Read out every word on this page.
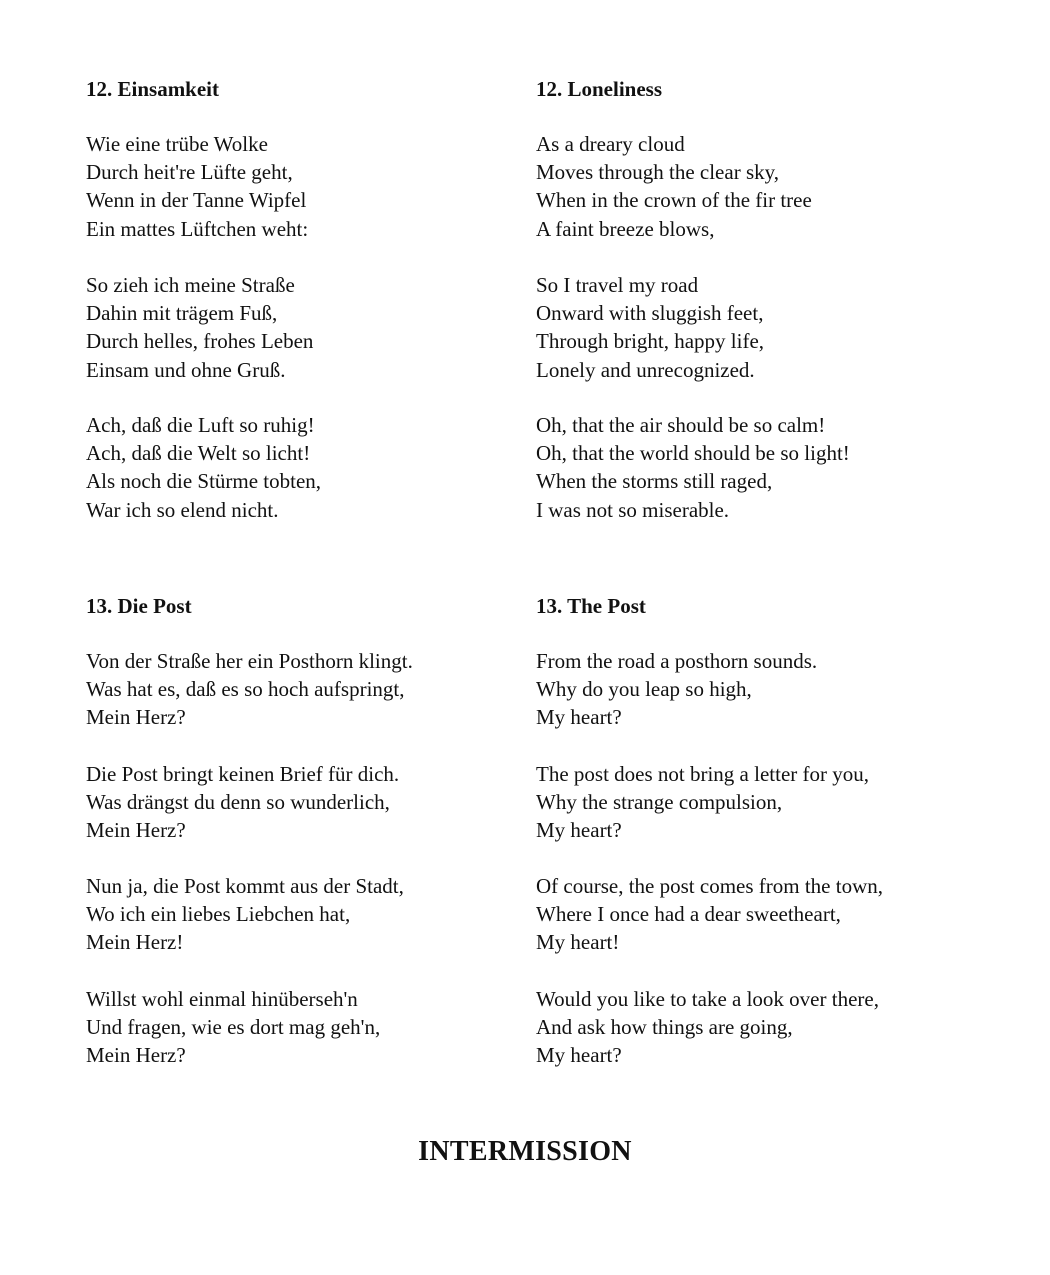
12. Einsamkeit
Wie eine trübe Wolke
Durch heit're Lüfte geht,
Wenn in der Tanne Wipfel
Ein mattes Lüftchen weht:
So zieh ich meine Straße
Dahin mit trägem Fuß,
Durch helles, frohes Leben
Einsam und ohne Gruß.
Ach, daß die Luft so ruhig!
Ach, daß die Welt so licht!
Als noch die Stürme tobten,
War ich so elend nicht.
12. Loneliness
As a dreary cloud
Moves through the clear sky,
When in the crown of the fir tree
A faint breeze blows,
So I travel my road
Onward with sluggish feet,
Through bright, happy life,
Lonely and unrecognized.
Oh, that the air should be so calm!
Oh, that the world should be so light!
When the storms still raged,
I was not so miserable.
13. Die Post
Von der Straße her ein Posthorn klingt.
Was hat es, daß es so hoch aufspringt,
Mein Herz?
Die Post bringt keinen Brief für dich.
Was drängst du denn so wunderlich,
Mein Herz?
Nun ja, die Post kommt aus der Stadt,
Wo ich ein liebes Liebchen hat,
Mein Herz!
Willst wohl einmal hinüberseh'n
Und fragen, wie es dort mag geh'n,
Mein Herz?
13. The Post
From the road a posthorn sounds.
Why do you leap so high,
My heart?
The post does not bring a letter for you,
Why the strange compulsion,
My heart?
Of course, the post comes from the town,
Where I once had a dear sweetheart,
My heart!
Would you like to take a look over there,
And ask how things are going,
My heart?
INTERMISSION
